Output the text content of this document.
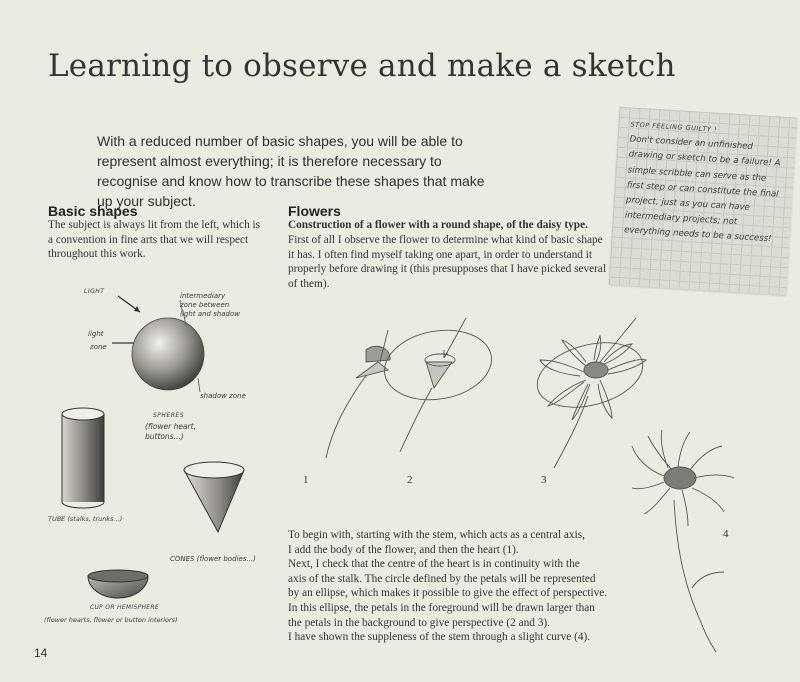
Learning to observe and make a sketch
With a reduced number of basic shapes, you will be able to represent almost everything; it is therefore necessary to recognise and know how to transcribe these shapes that make up your subject.
STOP FEELING GUILTY !
Don't consider an unfinished drawing or sketch to be a failure! A simple scribble can serve as the first step or can constitute the final project, just as you can have intermediary projects; not everything needs to be a success!
Basic shapes
The subject is always lit from the left, which is a convention in fine arts that we will respect throughout this work.
Flowers
Construction of a flower with a round shape, of the daisy type.
First of all I observe the flower to determine what kind of basic shape it has. I often find myself taking one apart, in order to understand it properly before drawing it (this presupposes that I have picked several of them).
LIGHT
intermediary zone between light and shadow
light
zone
shadow zone
SPHERES
(flower heart, buttons...)
TUBE (stalks, trunks...)
CONES (flower bodies...)
CUP OR HEMISPHERE
(flower hearts, flower or button interiors)
1	2	3
4
To begin with, starting with the stem, which acts as a central axis,
I add the body of the flower, and then the heart (1).
Next, I check that the centre of the heart is in continuity with the
axis of the stalk. The circle defined by the petals will be represented
by an ellipse, which makes it possible to give the effect of perspective.
In this ellipse, the petals in the foreground will be drawn larger than
the petals in the background to give perspective (2 and 3).
I have shown the suppleness of the stem through a slight curve (4).
14
